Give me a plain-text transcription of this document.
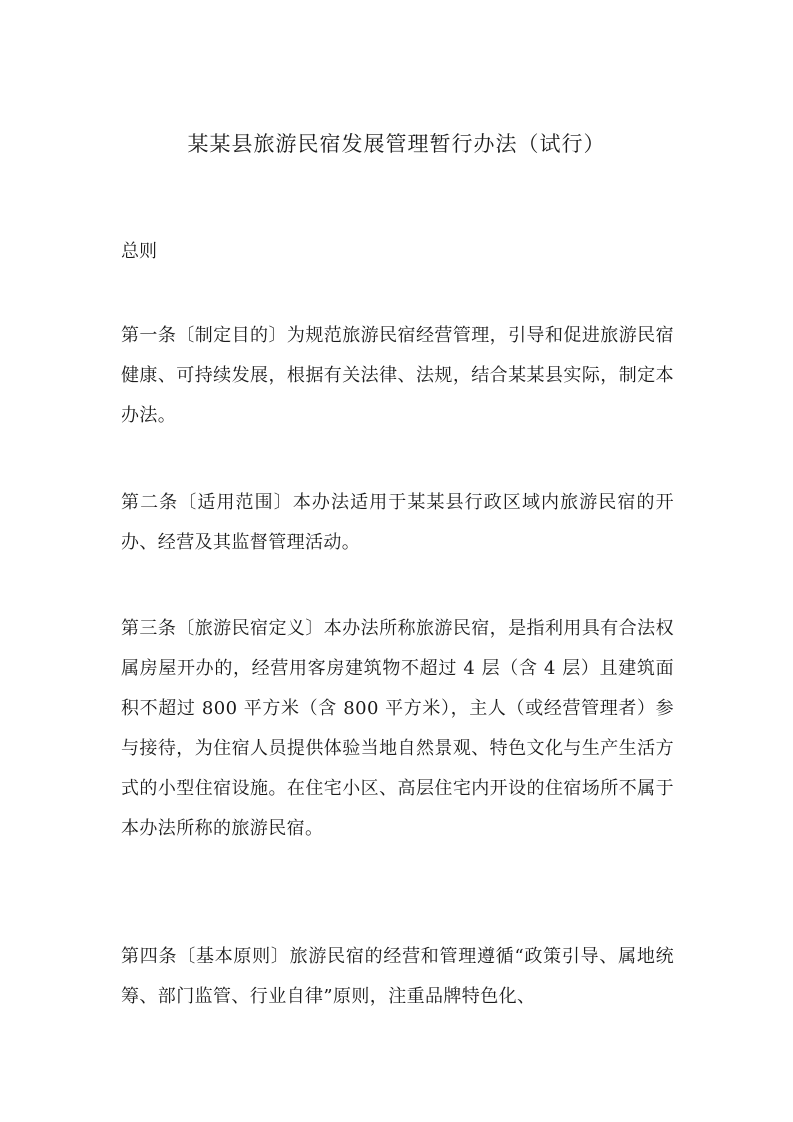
某某县旅游民宿发展管理暂行办法（试行）
总则

第一条〔制定目的〕为规范旅游民宿经营管理，引导和促进旅游民宿健康、可持续发展，根据有关法律、法规，结合某某县实际，制定本办法。

第二条〔适用范围〕本办法适用于某某县行政区域内旅游民宿的开办、经营及其监督管理活动。

第三条〔旅游民宿定义〕本办法所称旅游民宿，是指利用具有合法权属房屋开办的，经营用客房建筑物不超过 4 层（含 4 层）且建筑面积不超过 800 平方米（含 800 平方米），主人（或经营管理者）参与接待，为住宿人员提供体验当地自然景观、特色文化与生产生活方式的小型住宿设施。在住宅小区、高层住宅内开设的住宿场所不属于本办法所称的旅游民宿。

第四条〔基本原则〕旅游民宿的经营和管理遵循“政策引导、属地统筹、部门监管、行业自律”原则，注重品牌特色化、
